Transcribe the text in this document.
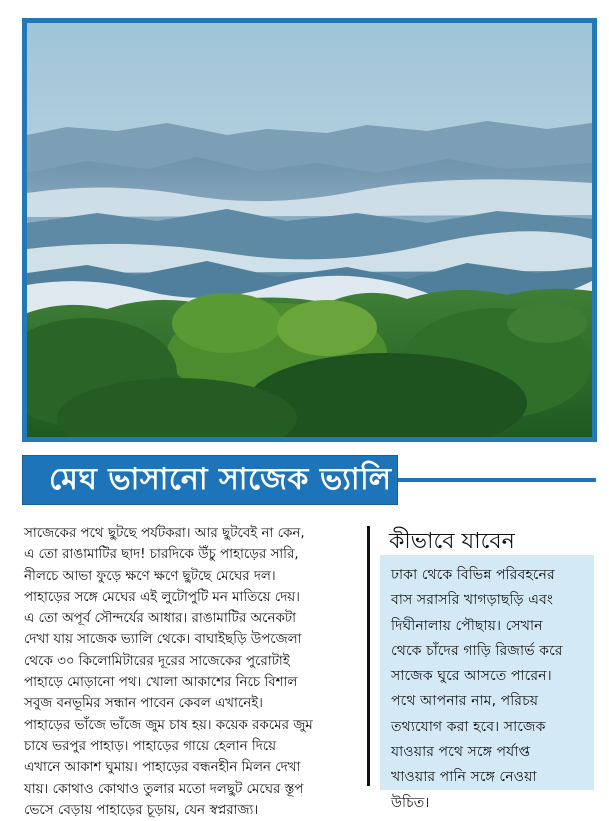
মেঘ ভাসানো সাজেক ভ্যালি
সাজেকের পথে ছুটছে পর্যটকরা। আর ছুটবেই না কেন,
এ তো রাঙামাটির ছাদ! চারদিকে উঁচু পাহাড়ের সারি,
নীলচে আভা ফুড়ে ক্ষণে ক্ষণে ছুটছে মেঘের দল।
পাহাড়ের সঙ্গে মেঘের এই লুটোপুটি মন মাতিয়ে দেয়।
এ তো অপূর্ব সৌন্দর্যের আধার। রাঙামাটির অনেকটা
দেখা যায় সাজেক ভ্যালি থেকে। বাঘাইছড়ি উপজেলা
থেকে ৩০ কিলোমিটারের দূরের সাজেকের পুরোটাই
পাহাড়ে মোড়ানো পথ। খোলা আকাশের নিচে বিশাল
সবুজ বনভূমির সন্ধান পাবেন কেবল এখানেই।
পাহাড়ের ভাঁজে ভাঁজে জুম চাষ হয়। কয়েক রকমের জুম
চাষে ভরপুর পাহাড়। পাহাড়ের গায়ে হেলান দিয়ে
এখানে আকাশ ঘুমায়। পাহাড়ের বন্ধনহীন মিলন দেখা
যায়। কোথাও কোথাও তুলার মতো দলছুট মেঘের স্তূপ
ভেসে বেড়ায় পাহাড়ের চূড়ায়, যেন স্বপ্নরাজ্য।
কীভাবে যাবেন
ঢাকা থেকে বিভিন্ন পরিবহনের
বাস সরাসরি খাগড়াছড়ি এবং
দিঘীনালায় পৌছায়। সেখান
থেকে চাঁদের গাড়ি রিজার্ভ করে
সাজেক ঘুরে আসতে পারেন।
পথে আপনার নাম, পরিচয়
তথ্যযোগ করা হবে। সাজেক
যাওয়ার পথে সঙ্গে পর্যাপ্ত
খাওয়ার পানি সঙ্গে নেওয়া
উচিত।
